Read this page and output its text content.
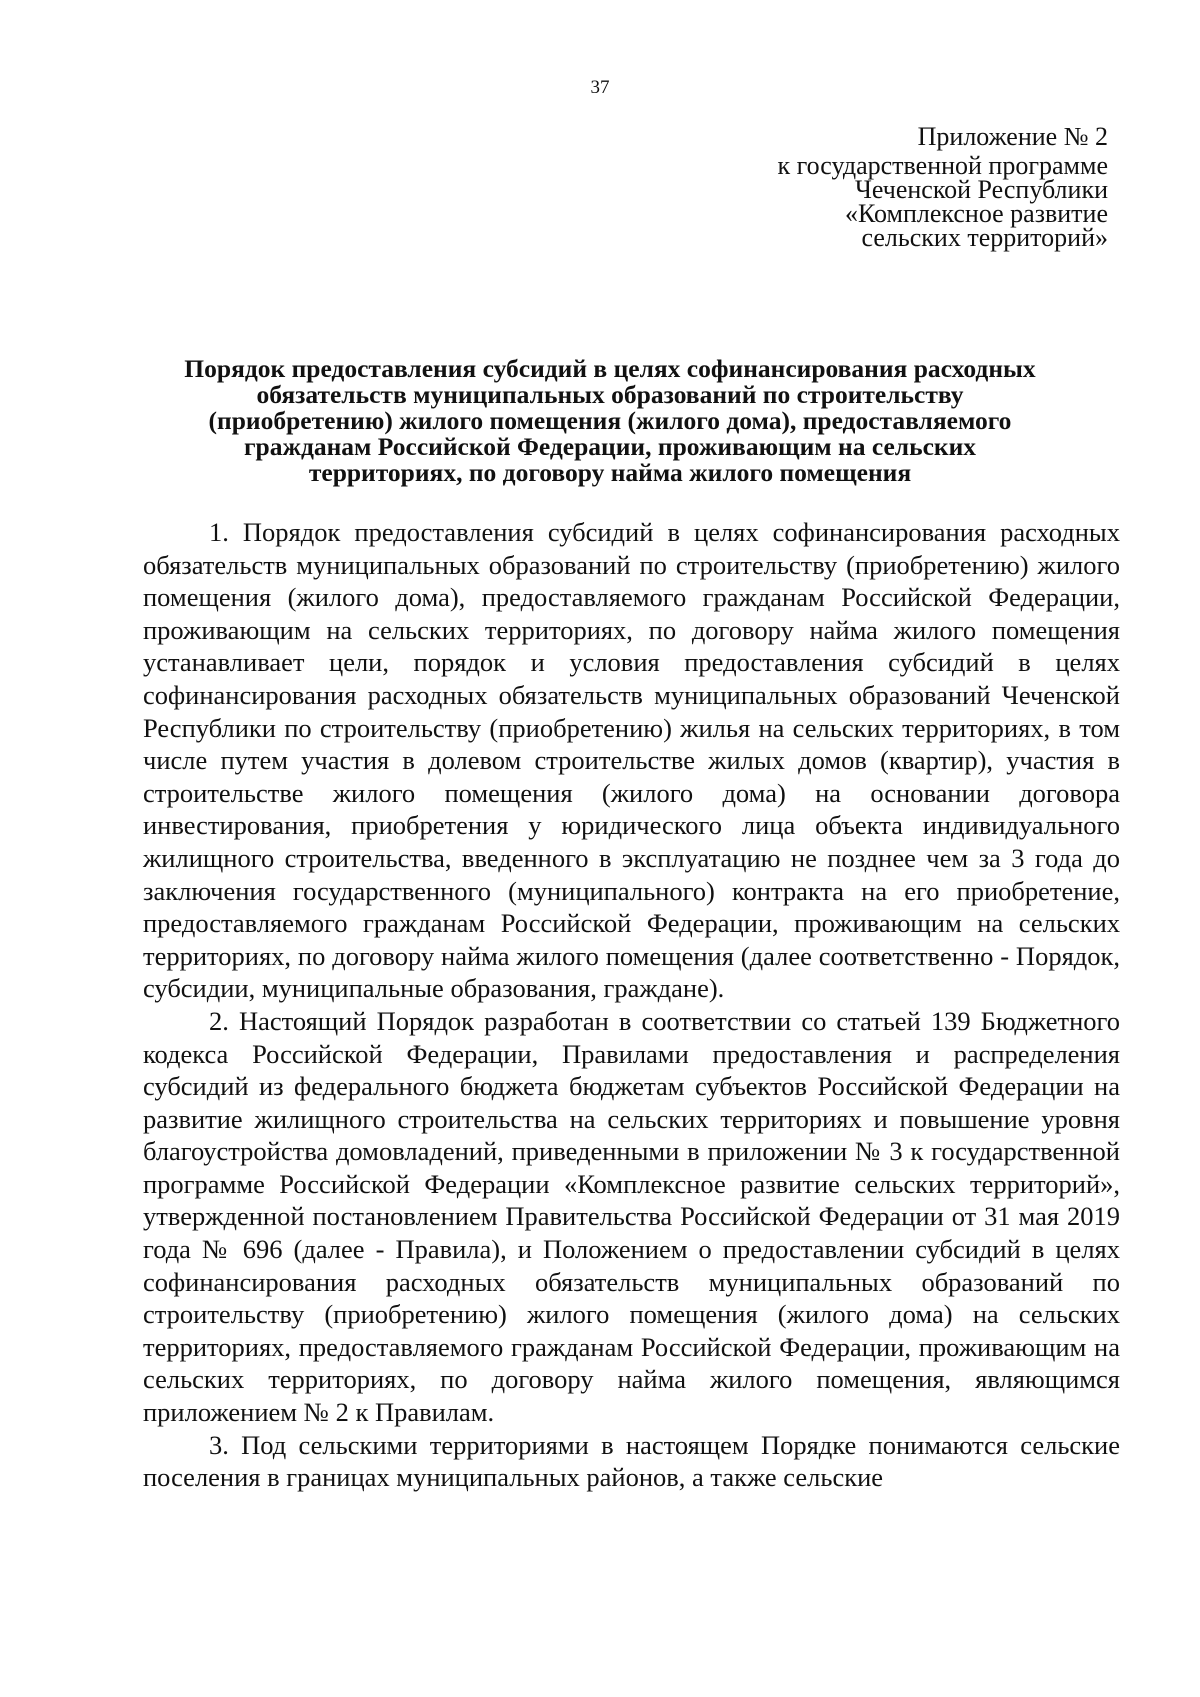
37
Приложение № 2
к государственной программе
Чеченской Республики
«Комплексное развитие
сельских территорий»
Порядок предоставления субсидий в целях софинансирования расходных
обязательств муниципальных образований по строительству
(приобретению) жилого помещения (жилого дома), предоставляемого
гражданам Российской Федерации, проживающим на сельских
территориях, по договору найма жилого помещения

1. Порядок предоставления субсидий в целях софинансирования расходных обязательств муниципальных образований по строительству (приобретению) жилого помещения (жилого дома), предоставляемого гражданам Российской Федерации, проживающим на сельских территориях, по договору найма жилого помещения устанавливает цели, порядок и условия предоставления субсидий в целях софинансирования расходных обязательств муниципальных образований Чеченской Республики по строительству (приобретению) жилья на сельских территориях, в том числе путем участия в долевом строительстве жилых домов (квартир), участия в строительстве жилого помещения (жилого дома) на основании договора инвестирования, приобретения у юридического лица объекта индивидуального жилищного строительства, введенного в эксплуатацию не позднее чем за 3 года до заключения государственного (муниципального) контракта на его приобретение, предоставляемого гражданам Российской Федерации, проживающим на сельских территориях, по договору найма жилого помещения (далее соответственно - Порядок, субсидии, муниципальные образования, граждане).

2. Настоящий Порядок разработан в соответствии со статьей 139 Бюджетного кодекса Российской Федерации, Правилами предоставления и распределения субсидий из федерального бюджета бюджетам субъектов Российской Федерации на развитие жилищного строительства на сельских территориях и повышение уровня благоустройства домовладений, приведенными в приложении № 3 к государственной программе Российской Федерации «Комплексное развитие сельских территорий», утвержденной постановлением Правительства Российской Федерации от 31 мая 2019 года № 696 (далее - Правила), и Положением о предоставлении субсидий в целях софинансирования расходных обязательств муниципальных образований по строительству (приобретению) жилого помещения (жилого дома) на сельских территориях, предоставляемого гражданам Российской Федерации, проживающим на сельских территориях, по договору найма жилого помещения, являющимся приложением № 2 к Правилам.

3. Под сельскими территориями в настоящем Порядке понимаются сельские поселения в границах муниципальных районов, а также сельские
